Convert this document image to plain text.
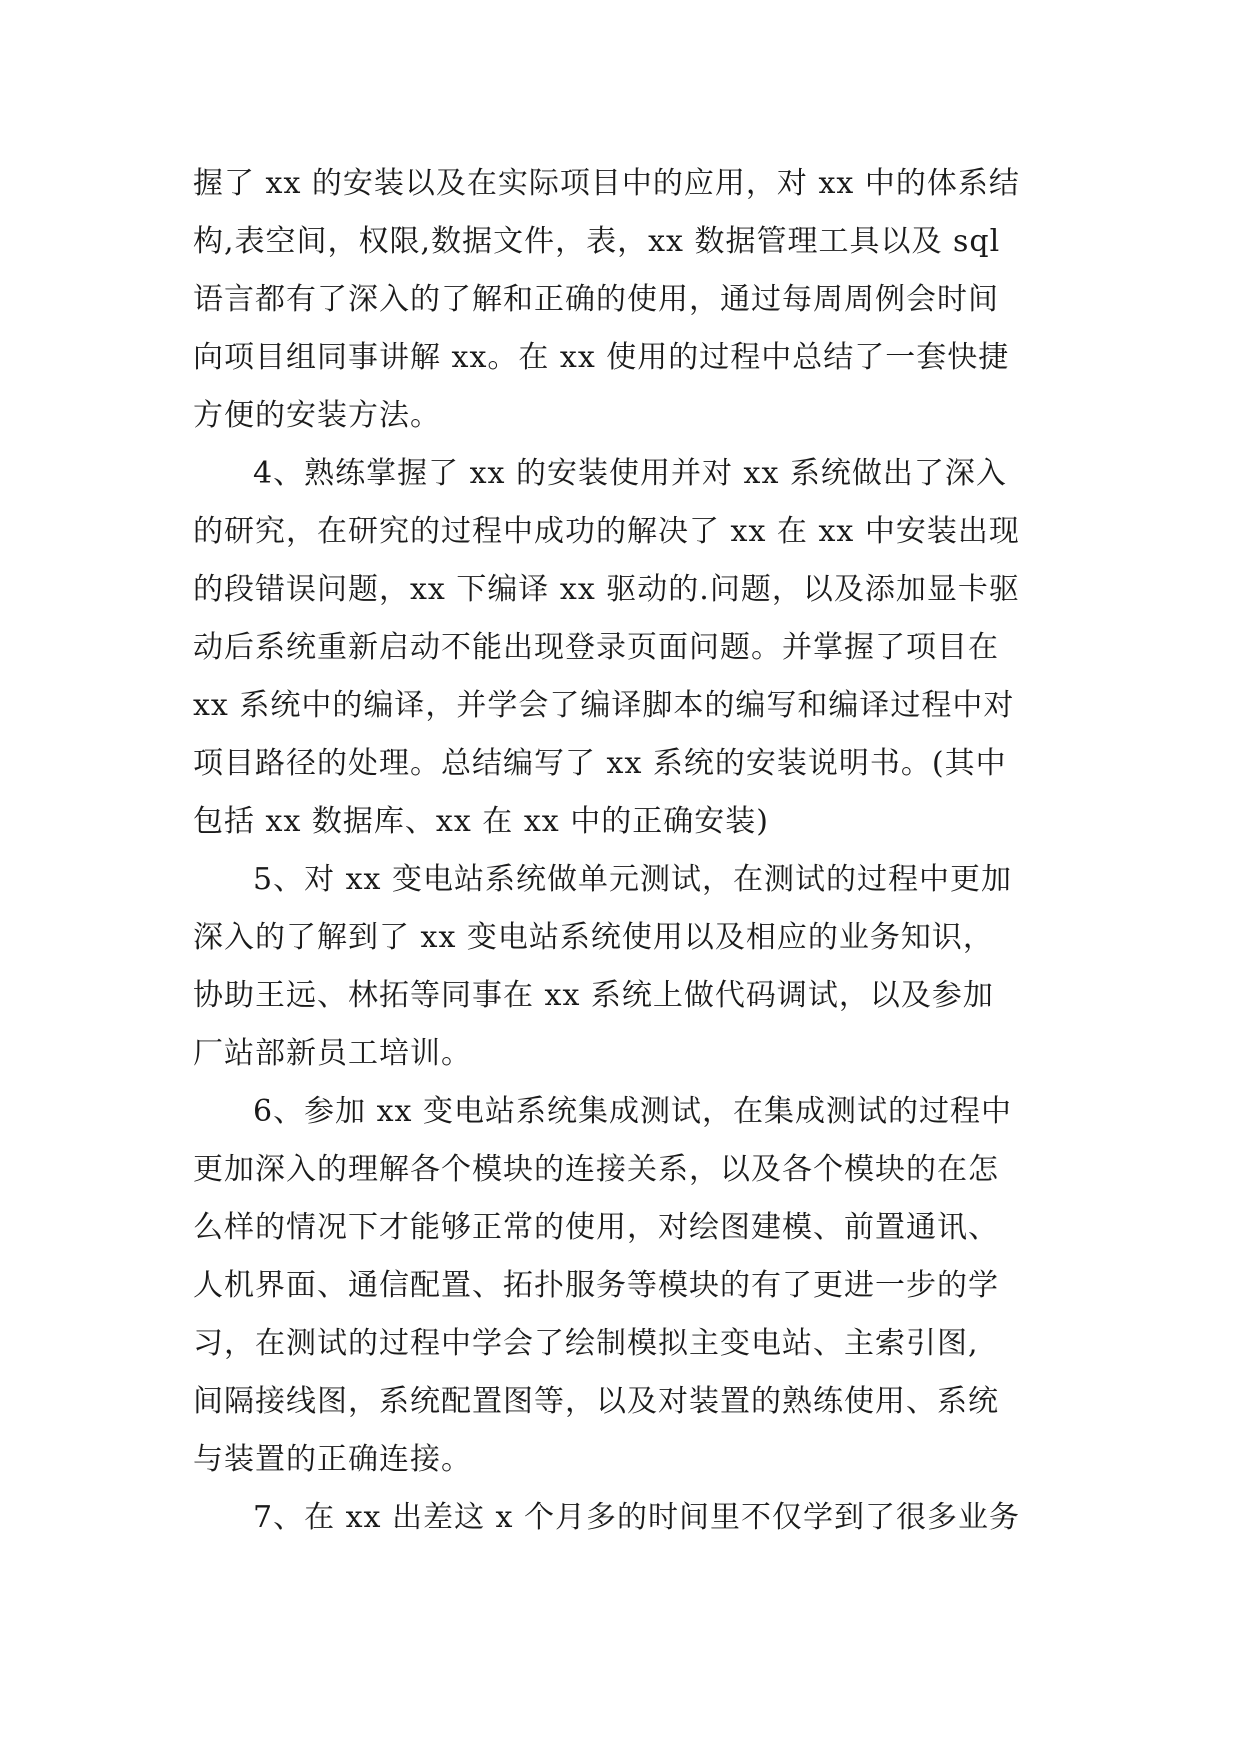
握了 xx 的安装以及在实际项目中的应用，对 xx 中的体系结
构,表空间，权限,数据文件，表，xx 数据管理工具以及 sql
语言都有了深入的了解和正确的使用，通过每周周例会时间
向项目组同事讲解 xx。在 xx 使用的过程中总结了一套快捷
方便的安装方法。
4、熟练掌握了 xx 的安装使用并对 xx 系统做出了深入
的研究，在研究的过程中成功的解决了 xx 在 xx 中安装出现
的段错误问题，xx 下编译 xx 驱动的.问题，以及添加显卡驱
动后系统重新启动不能出现登录页面问题。并掌握了项目在
xx 系统中的编译，并学会了编译脚本的编写和编译过程中对
项目路径的处理。总结编写了 xx 系统的安装说明书。(其中
包括 xx 数据库、xx 在 xx 中的正确安装)
5、对 xx 变电站系统做单元测试，在测试的过程中更加
深入的了解到了 xx 变电站系统使用以及相应的业务知识，
协助王远、林拓等同事在 xx 系统上做代码调试，以及参加
厂站部新员工培训。
6、参加 xx 变电站系统集成测试，在集成测试的过程中
更加深入的理解各个模块的连接关系，以及各个模块的在怎
么样的情况下才能够正常的使用，对绘图建模、前置通讯、
人机界面、通信配置、拓扑服务等模块的有了更进一步的学
习，在测试的过程中学会了绘制模拟主变电站、主索引图,
间隔接线图，系统配置图等，以及对装置的熟练使用、系统
与装置的正确连接。
7、在 xx 出差这 x 个月多的时间里不仅学到了很多业务
